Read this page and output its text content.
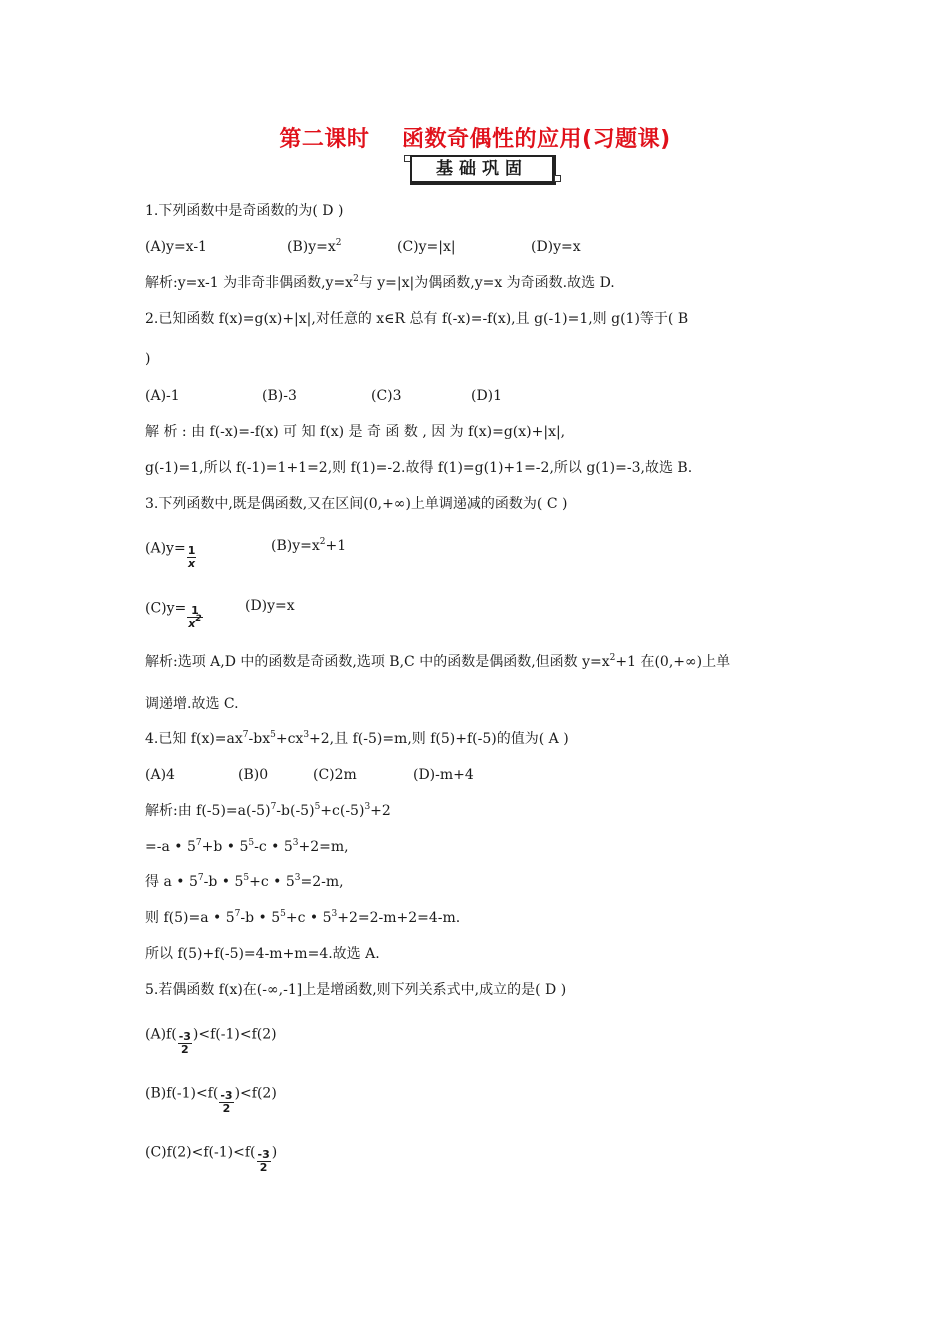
第二课时    函数奇偶性的应用(习题课)
基础巩固
1.下列函数中是奇函数的为( D )
(A)y=x-1	$(B)y=x^2$	(C)y=|x|	(D)y=x
解析:y=x-1 为非奇非偶函数$,y=x^2$与 y=|x|为偶函数,y=x 为奇函数.故选 D.
2.已知函数 f(x)=g(x)+|x|,对任意的 x∈R 总有 f(-x)=-f(x),且 g(-1)=1,则 g(1)等于( B
)
(A)-1	(B)-3	(C)3	(D)1
解 析 : 由 f(-x)=-f(x) 可 知 f(x) 是 奇 函 数 , 因 为 f(x)=g(x)+|x|,
g(-1)=1,所以 f(-1)=1+1=2,则 f(1)=-2.故得 f(1)=g(1)+1=-2,所以 g(1)=-3,故选 B.
3.下列函数中,既是偶函数,又在区间(0,+∞)上单调递减的函数为( C )
$(A)y= \frac{1}{x}$	$(B)y=x^2+1$
$(C)y= \frac{1}{x^2}$	(D)y=x
解析:选项 A,D 中的函数是奇函数,选项 B,C 中的函数是偶函数,但函数 $y=x^2+1$ 在(0,+∞)上单
调递增.故选 C.
4.已知 $f(x)=ax^7-bx^5+cx^3+2$,且 f(-5)=m,则 f(5)+f(-5)的值为( A )
(A)4	(B)0	(C)2m	(D)-m+4
解析:由 $f(-5)=a(-5)^7-b(-5)^5+c(-5)^3+2$
=-a • $5^7+b$ • $5^5-c$ • $5^3+2=m$,
得 a • $5^7-b$ • $5^5+c$ • $5^3=2-m$,
则 f(5)=a • $5^7-b$ • $5^5+c$ • $5^3+2=2-m+2=4-m$.
所以 f(5)+f(-5)=4-m+m=4.故选 A.
5.若偶函数 f(x)在(-∞,-1]上是增函数,则下列关系式中,成立的是( D )
$(A)f( \frac{-3}{2} )<f(-1)<f(2)$
$(B)f(-1)<f( \frac{-3}{2} )<f(2)$
$(C)f(2)<f(-1)<f( \frac{-3}{2}$ )
